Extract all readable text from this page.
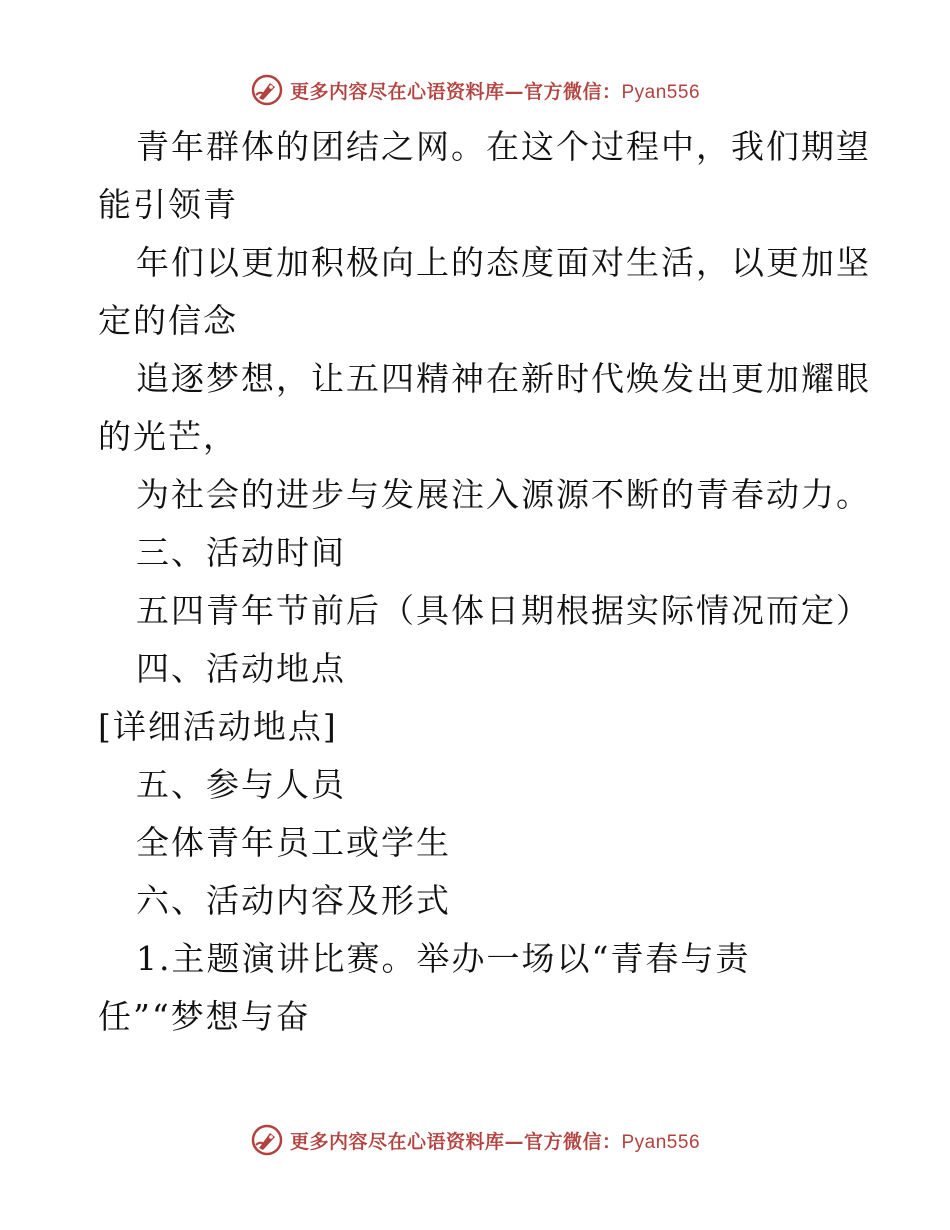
更多内容尽在心语资料库—官方微信：Pyan556
青年群体的团结之网。在这个过程中，我们期望
能引领青
年们以更加积极向上的态度面对生活，以更加坚
定的信念
追逐梦想，让五四精神在新时代焕发出更加耀眼
的光芒，
为社会的进步与发展注入源源不断的青春动力。
三、活动时间
五四青年节前后（具体日期根据实际情况而定）
四、活动地点
[详细活动地点]
五、参与人员
全体青年员工或学生
六、活动内容及形式
1.主题演讲比赛。举办一场以“青春与责
任”“梦想与奋
更多内容尽在心语资料库—官方微信：Pyan556
